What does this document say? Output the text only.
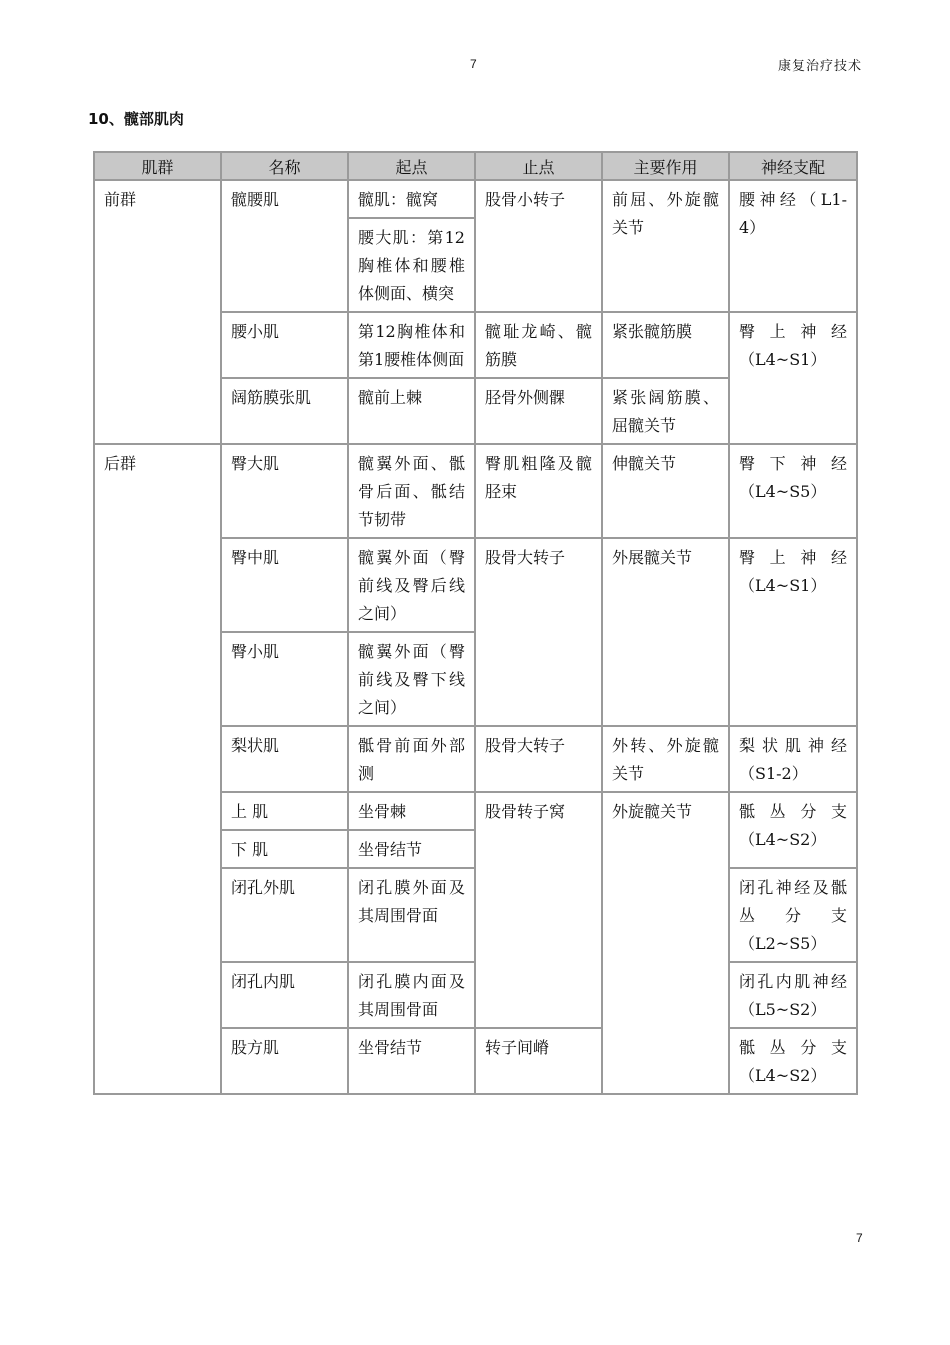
7	康复治疗技术
10、髋部肌肉
肌群	名称	起点	止点	主要作用	神经支配
前群	髋腰肌	髋肌：髋窝	股骨小转子	前屈、外旋髋关节	腰神经（L1-4）
		腰大肌：第12胸椎体和腰椎体侧面、横突			
	腰小肌	第12胸椎体和第1腰椎体侧面	髋耻龙崎、髋筋膜	紧张髋筋膜	臀上神经（L4~S1）
	阔筋膜张肌	髋前上棘	胫骨外侧髁	紧张阔筋膜、屈髋关节	
后群	臀大肌	髋翼外面、骶骨后面、骶结节韧带	臀肌粗隆及髋胫束	伸髋关节	臀下神经（L4~S5）
	臀中肌	髋翼外面（臀前线及臀后线之间）	股骨大转子	外展髋关节	臀上神经（L4~S1）
	臀小肌	髋翼外面（臀前线及臀下线之间）			
	梨状肌	骶骨前面外部测	股骨大转子	外转、外旋髋关节	梨状肌神经（S1-2）
	上 肌	坐骨棘	股骨转子窝	外旋髋关节	骶丛分支（L4~S2）
	下 肌	坐骨结节			
	闭孔外肌	闭孔膜外面及其周围骨面			闭孔神经及骶丛分支（L2~S5）
	闭孔内肌	闭孔膜内面及其周围骨面			闭孔内肌神经（L5~S2）
	股方肌	坐骨结节	转子间嵴		骶丛分支（L4~S2）
7
